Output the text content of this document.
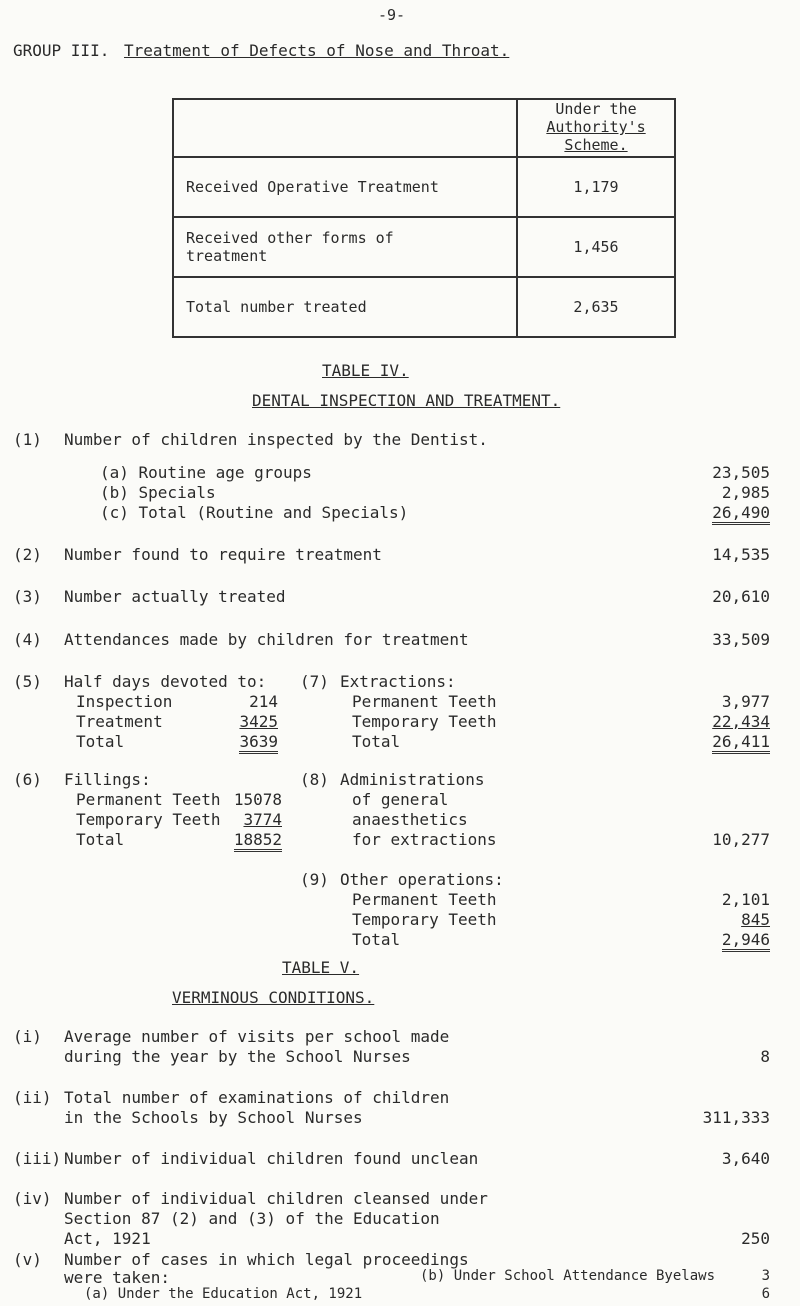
-9-
GROUP III. Treatment of Defects of Nose and Throat.

	Under the
Authority's Scheme.

Received Operative Treatment	1,179

Received other forms of
treatment	1,456
Total number treated	2,635
TABLE IV.
DENTAL INSPECTION AND TREATMENT.
(1) Number of children inspected by the Dentist.
(a) Routine age groups	23,505
(b) Specials	2,985
(c) Total (Routine and Specials)	26,490
(2) Number found to require treatment	14,535
(3) Number actually treated	20,610
(4) Attendances made by children for treatment	33,509
(5) Half days devoted to:
Inspection	214
Treatment	3425
Total	3639
(6) Fillings:
Permanent Teeth 15078
Temporary Teeth	3774
Total	18852
(7) Extractions:
Permanent Teeth	3,977
Temporary Teeth	22,434
Total	26,411
(8) Administrations
of general
anaesthetics
for extractions	10,277
(9) Other operations:
Permanent Teeth	2,101
Temporary Teeth	845
Total	2,946
TABLE V.
VERMINOUS CONDITIONS.
(i) Average number of visits per school made
during the year by the School Nurses	8
(ii) Total number of examinations of children
in the Schools by School Nurses	311,333
(iii) Number of individual children found unclean	3,640
(iv) Number of individual children cleansed under
Section 87 (2) and (3) of the Education
Act, 1921	250
(v) Number of cases in which legal proceedings
were taken:
(a) Under the Education Act, 1921	6
(b) Under School Attendance Byelaws	3
